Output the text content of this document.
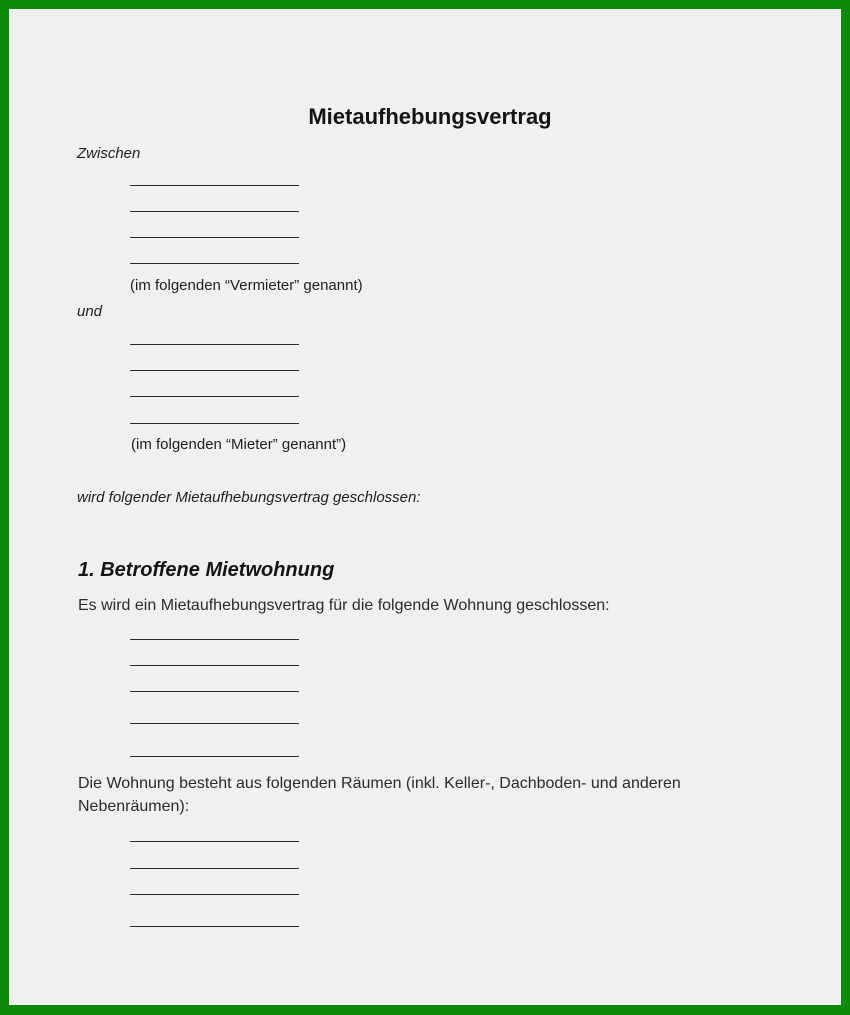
Mietaufhebungsvertrag
Zwischen
(im folgenden “Vermieter” genannt)
und
(im folgenden “Mieter” genannt”)
wird folgender Mietaufhebungsvertrag geschlossen:
1. Betroffene Mietwohnung
Es wird ein Mietaufhebungsvertrag für die folgende Wohnung geschlossen:
Die Wohnung besteht aus folgenden Räumen (inkl. Keller-, Dachboden- und anderen Nebenräumen):
